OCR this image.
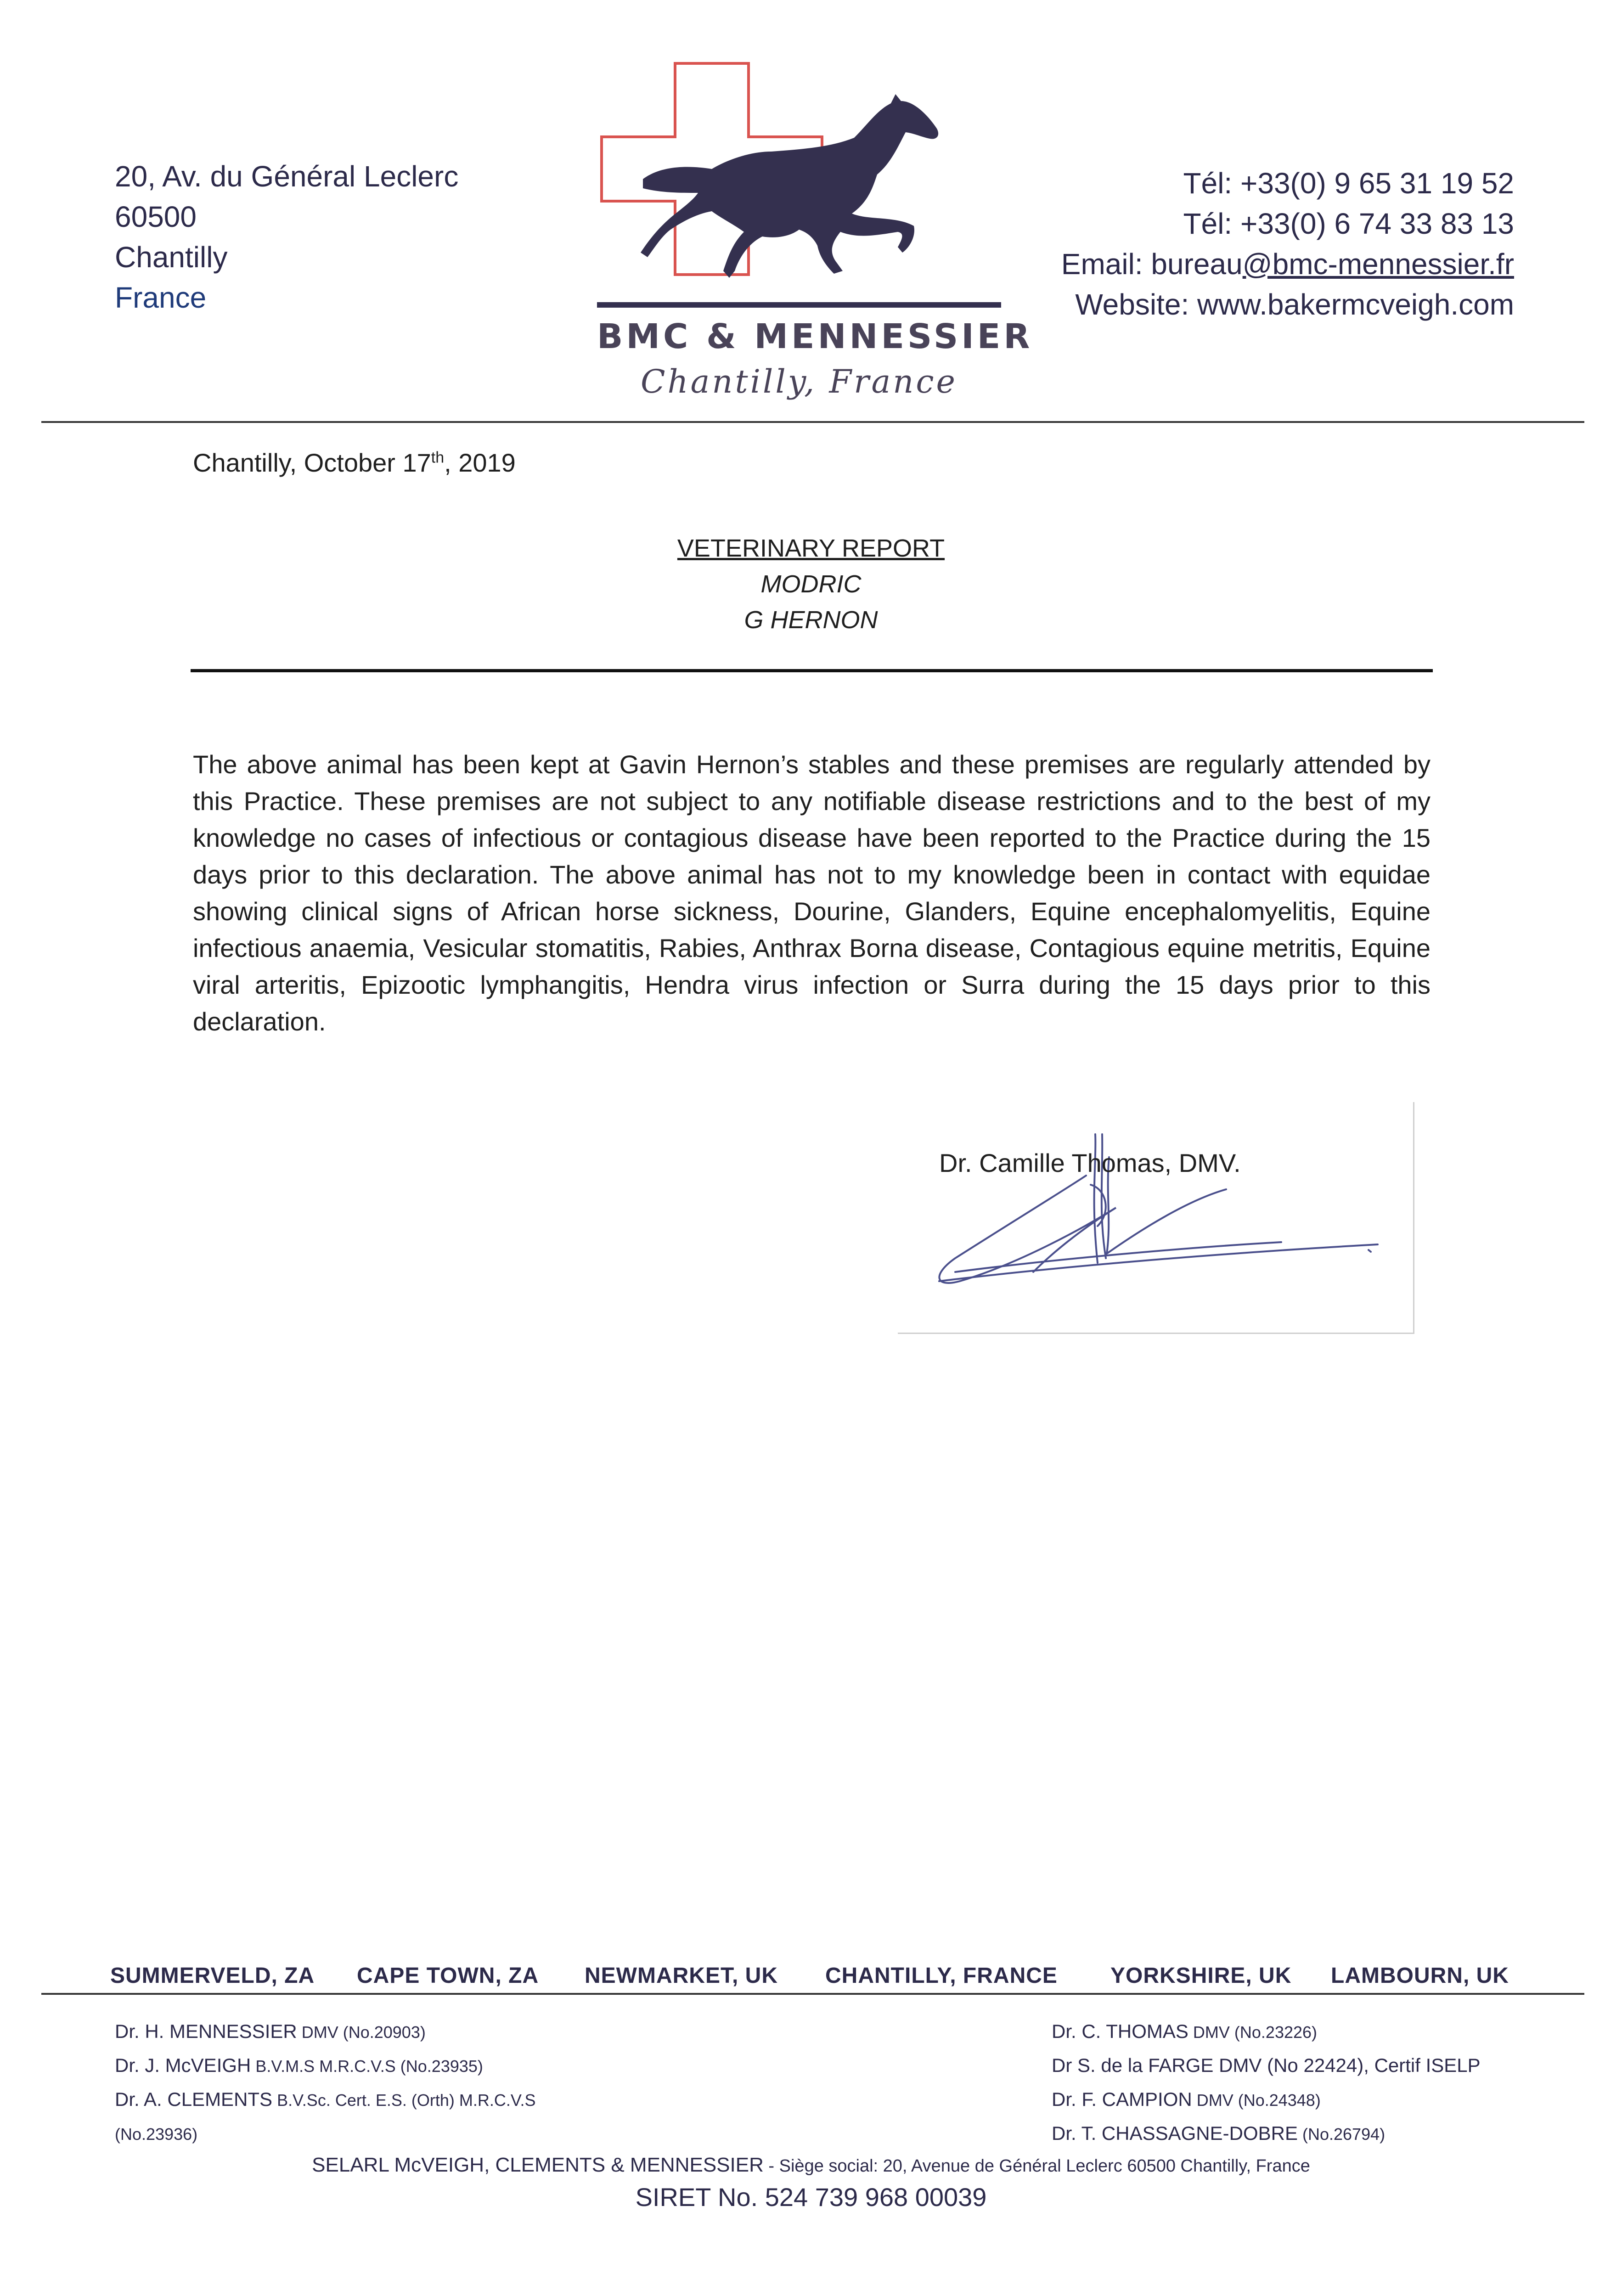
20, Av. du Général Leclerc
60500
Chantilly
France
BMC & MENNESSIER
Chantilly, France
Tél: +33(0) 9 65 31 19 52
Tél: +33(0) 6 74 33 83 13
Email: bureau@bmc-mennessier.fr
Website: www.bakermcveigh.com
Chantilly, October 17th, 2019
VETERINARY REPORT
MODRIC
G HERNON
The above animal has been kept at Gavin Hernon’s stables and these premises are regularly attended by this Practice. These premises are not subject to any notifiable disease restrictions and to the best of my knowledge no cases of infectious or contagious disease have been reported to the Practice during the 15 days prior to this declaration. The above animal has not to my knowledge been in contact with equidae showing clinical signs of African horse sickness, Dourine, Glanders, Equine encephalomyelitis, Equine infectious anaemia, Vesicular stomatitis, Rabies, Anthrax Borna disease, Contagious equine metritis, Equine viral arteritis, Epizootic lymphangitis, Hendra virus infection or Surra during the 15 days prior to this declaration.
Dr. Camille Thomas, DMV.
SUMMERVELD, ZA CAPE TOWN, ZA NEWMARKET, UK CHANTILLY, FRANCE YORKSHIRE, UK LAMBOURN, UK
Dr. H. MENNESSIER DMV (No.20903)
Dr. J. McVEIGH B.V.M.S M.R.C.V.S (No.23935)
Dr. A. CLEMENTS B.V.Sc. Cert. E.S. (Orth) M.R.C.V.S
(No.23936)
Dr. C. THOMAS DMV (No.23226)
Dr S. de la FARGE DMV (No 22424), Certif ISELP
Dr. F. CAMPION DMV (No.24348)
Dr. T. CHASSAGNE-DOBRE (No.26794)
SELARL McVEIGH, CLEMENTS & MENNESSIER - Siège social: 20, Avenue de Général Leclerc 60500 Chantilly, France
SIRET No. 524 739 968 00039
